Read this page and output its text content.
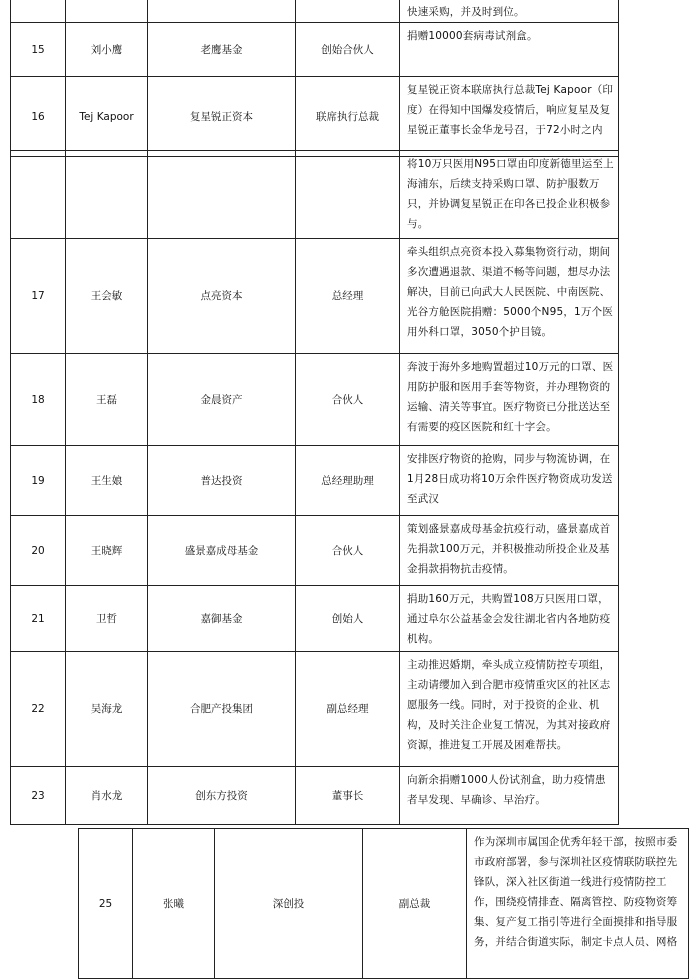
				快速采购，并及时到位。
15	刘小鹰	老鹰基金	创始合伙人	捐赠10000套病毒试剂盒。
16	Tej Kapoor	复星锐正资本	联席执行总裁	复星锐正资本联席执行总裁Tej Kapoor（印度）在得知中国爆发疫情后，响应复星及复星锐正董事长金华龙号召，于72小时之内
				将10万只医用N95口罩由印度新德里运至上海浦东，后续支持采购口罩、防护服数万只，并协调复星锐正在印各已投企业积极参与。
17	王会敏	点亮资本	总经理	牵头组织点亮资本投入募集物资行动，期间多次遭遇退款、渠道不畅等问题，想尽办法解决，目前已向武大人民医院、中南医院、光谷方舱医院捐赠：5000个N95，1万个医用外科口罩，3050个护目镜。
18	王磊	金晨资产	合伙人	奔波于海外多地购置超过10万元的口罩、医用防护服和医用手套等物资，并办理物资的运输、清关等事宜。医疗物资已分批送达至有需要的疫区医院和红十字会。
19	王生娘	普达投资	总经理助理	安排医疗物资的抢购，同步与物流协调，在1月28日成功将10万余件医疗物资成功发送至武汉
20	王晓辉	盛景嘉成母基金	合伙人	策划盛景嘉成母基金抗疫行动，盛景嘉成首先捐款100万元，并积极推动所投企业及基金捐款捐物抗击疫情。
21	卫哲	嘉御基金	创始人	捐助160万元，共购置108万只医用口罩，通过阜尔公益基金会发往湖北省内各地防疫机构。
22	吴海龙	合肥产投集团	副总经理	主动推迟婚期，牵头成立疫情防控专项组，主动请缨加入到合肥市疫情重灾区的社区志愿服务一线。同时，对于投资的企业、机构，及时关注企业复工情况，为其对接政府资源，推进复工开展及困难帮扶。
23	肖水龙	创东方投资	董事长	向新余捐赠1000人份试剂盒，助力疫情患者早发现、早确诊、早治疗。
25	张曦	深创投	副总裁	作为深圳市属国企优秀年轻干部，按照市委市政府部署，参与深圳社区疫情联防联控先锋队，深入社区街道一线进行疫情防控工作，围绕疫情排查、隔离管控、防疫物资筹集、复产复工指引等进行全面摸排和指导服务，并结合街道实际，制定卡点人员、网格
